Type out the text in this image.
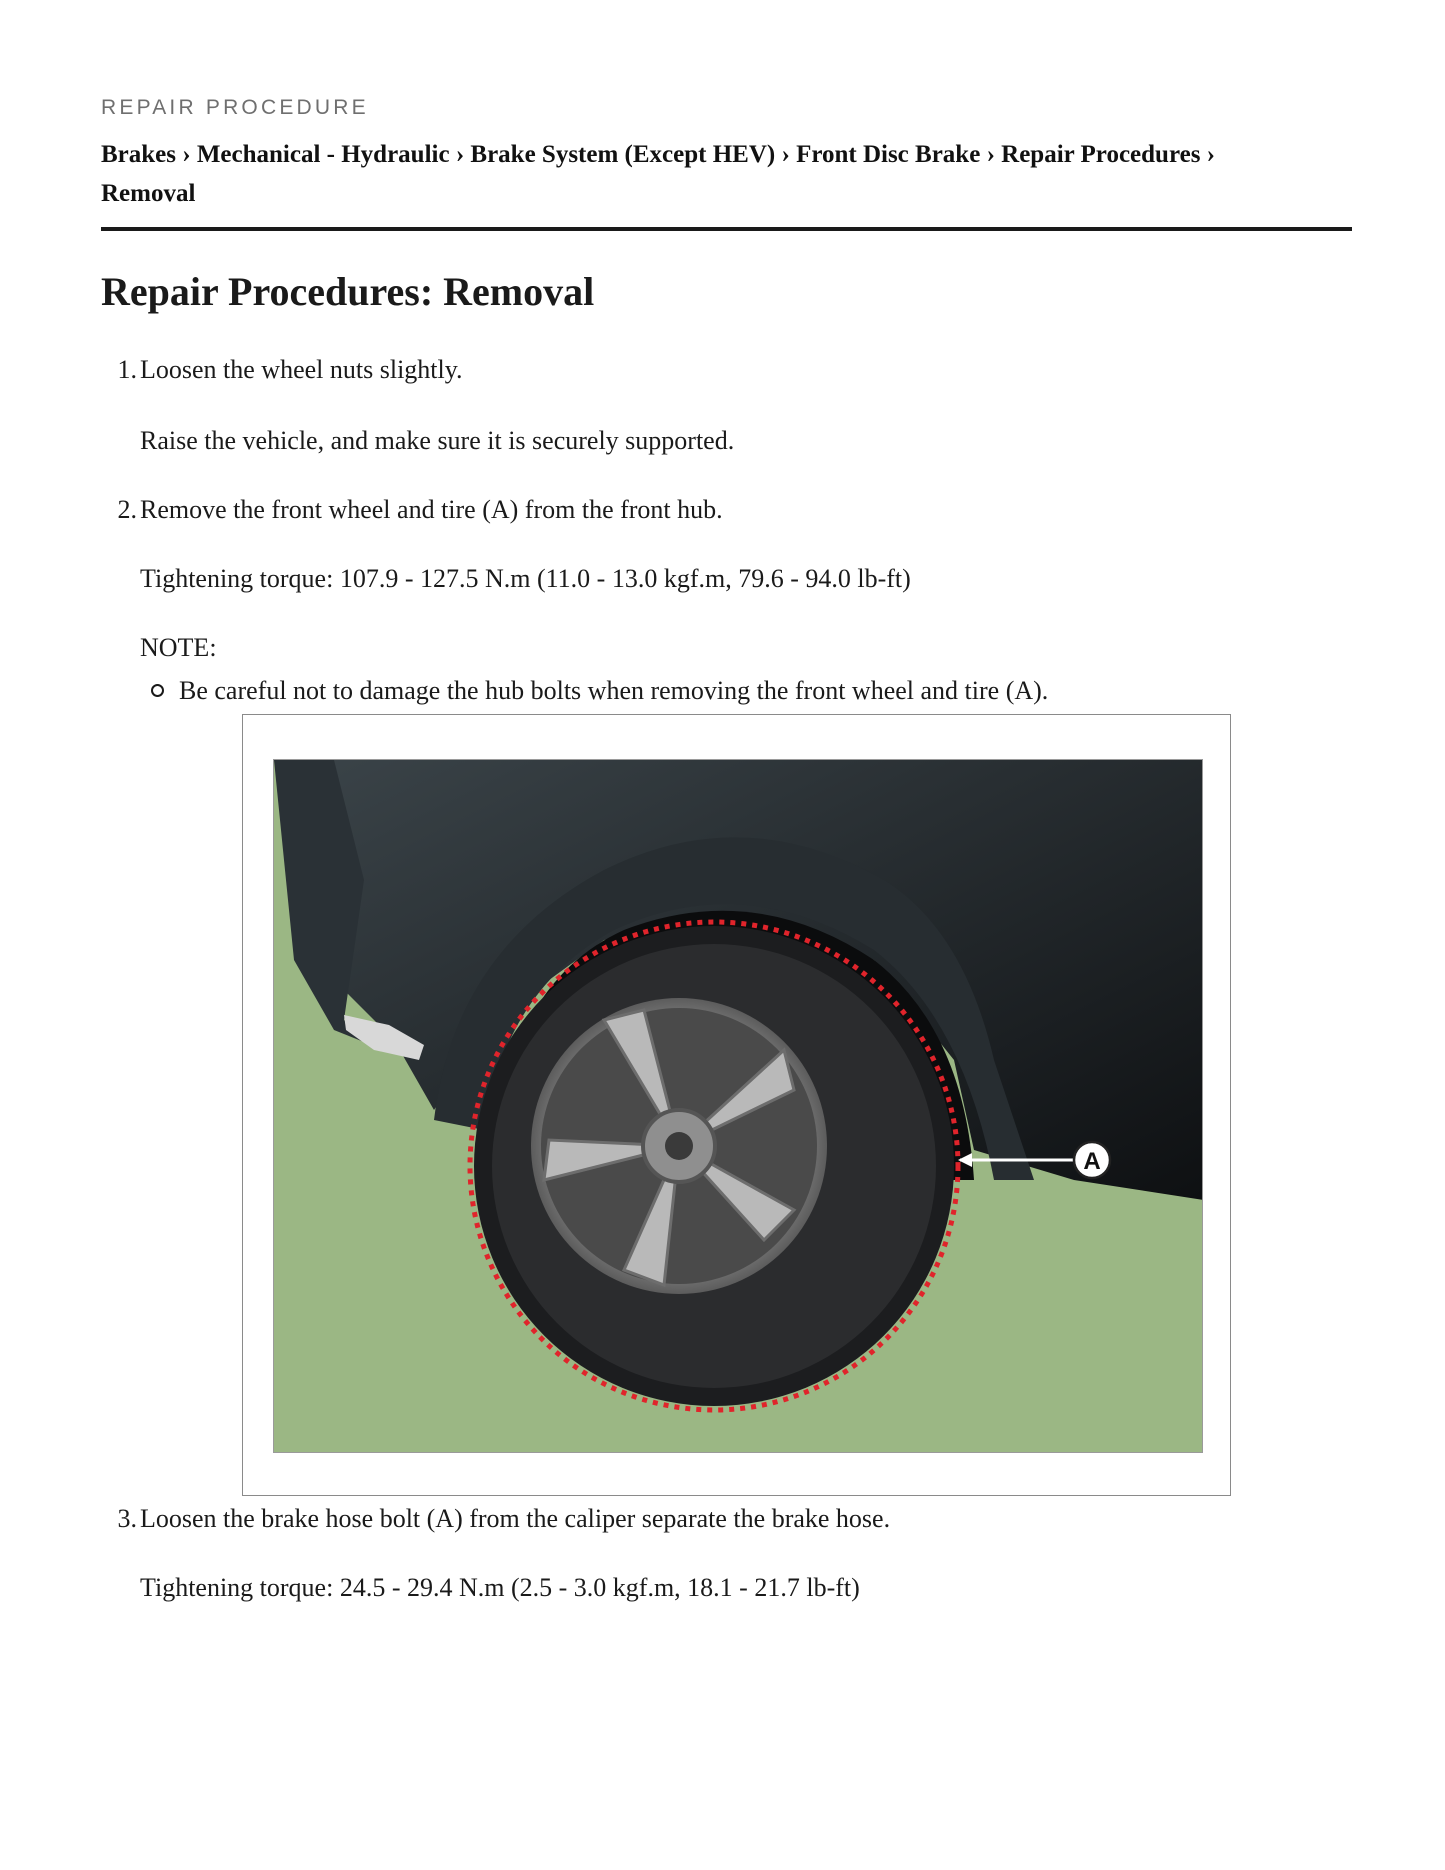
REPAIR PROCEDURE
Brakes › Mechanical - Hydraulic › Brake System (Except HEV) › Front Disc Brake › Repair Procedures ›
Removal
Repair Procedures: Removal
1. Loosen the wheel nuts slightly.
Raise the vehicle, and make sure it is securely supported.
2. Remove the front wheel and tire (A) from the front hub.
Tightening torque: 107.9 - 127.5 N.m (11.0 - 13.0 kgf.m, 79.6 - 94.0 lb-ft)
NOTE:
Be careful not to damage the hub bolts when removing the front wheel and tire (A).
A
3. Loosen the brake hose bolt (A) from the caliper separate the brake hose.
Tightening torque: 24.5 - 29.4 N.m (2.5 - 3.0 kgf.m, 18.1 - 21.7 lb-ft)
